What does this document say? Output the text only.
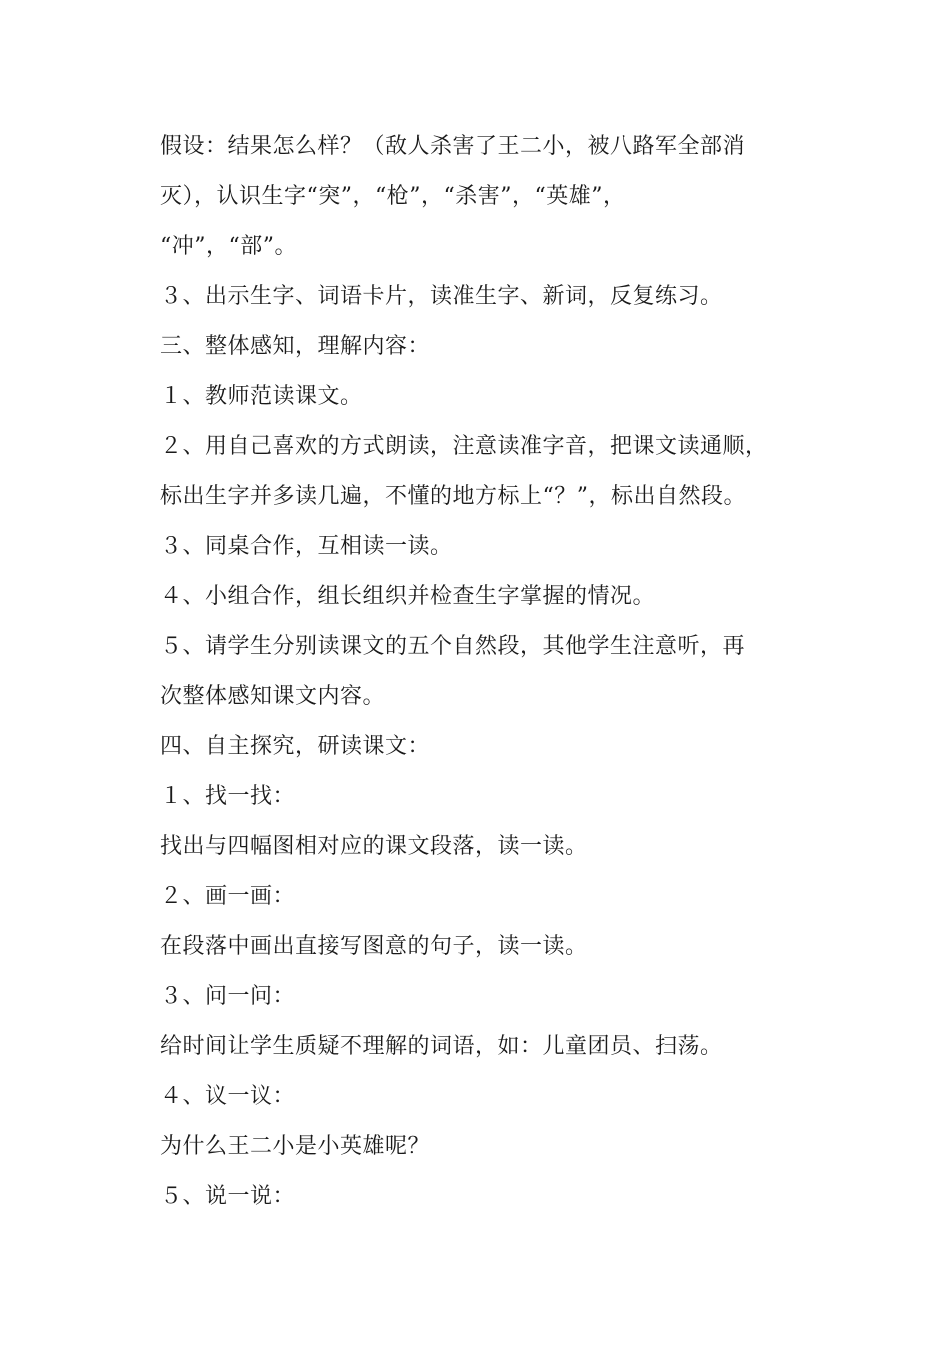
假设：结果怎么样？（敌人杀害了王二小，被八路军全部消
灭），认识生字“突”，“枪”，“杀害”，“英雄”，
“冲”，“部”。
３、出示生字、词语卡片，读准生字、新词，反复练习。
三、整体感知，理解内容：
１、教师范读课文。
２、用自己喜欢的方式朗读，注意读准字音，把课文读通顺，
标出生字并多读几遍，不懂的地方标上“？”，标出自然段。
３、同桌合作，互相读一读。
４、小组合作，组长组织并检查生字掌握的情况。
５、请学生分别读课文的五个自然段，其他学生注意听，再
次整体感知课文内容。
四、自主探究，研读课文：
１、找一找：
找出与四幅图相对应的课文段落，读一读。
２、画一画：
在段落中画出直接写图意的句子，读一读。
３、问一问：
给时间让学生质疑不理解的词语，如：儿童团员、扫荡。
４、议一议：
为什么王二小是小英雄呢？
５、说一说：
